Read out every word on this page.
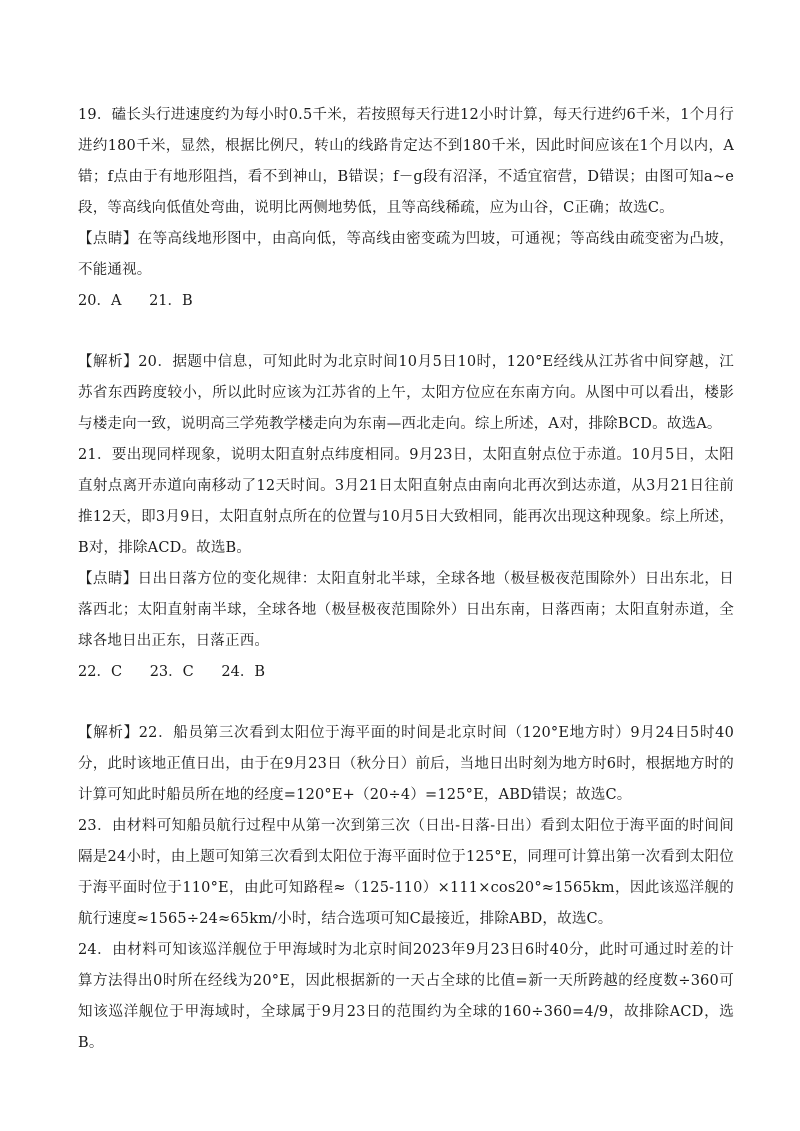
19．磕长头行进速度约为每小时0.5千米，若按照每天行进12小时计算，每天行进约6千米，1个月行进约180千米，显然，根据比例尺，转山的线路肯定达不到180千米，因此时间应该在1个月以内，A错；f点由于有地形阻挡，看不到神山，B错误；f－g段有沼泽，不适宜宿营，D错误；由图可知a~e段，等高线向低值处弯曲，说明比两侧地势低，且等高线稀疏，应为山谷，C正确；故选C。

【点睛】在等高线地形图中，由高向低，等高线由密变疏为凹坡，可通视；等高线由疏变密为凸坡，不能通视。

20．A      21．B

【解析】20．据题中信息，可知此时为北京时间10月5日10时，120°E经线从江苏省中间穿越，江苏省东西跨度较小，所以此时应该为江苏省的上午，太阳方位应在东南方向。从图中可以看出，楼影与楼走向一致，说明高三学苑教学楼走向为东南—西北走向。综上所述，A对，排除BCD。故选A。

21．要出现同样现象，说明太阳直射点纬度相同。9月23日，太阳直射点位于赤道。10月5日，太阳直射点离开赤道向南移动了12天时间。3月21日太阳直射点由南向北再次到达赤道，从3月21日往前推12天，即3月9日，太阳直射点所在的位置与10月5日大致相同，能再次出现这种现象。综上所述，B对，排除ACD。故选B。

【点睛】日出日落方位的变化规律：太阳直射北半球，全球各地（极昼极夜范围除外）日出东北，日落西北；太阳直射南半球，全球各地（极昼极夜范围除外）日出东南，日落西南；太阳直射赤道，全球各地日出正东，日落正西。

22．C      23．C      24．B

【解析】22．船员第三次看到太阳位于海平面的时间是北京时间（120°E地方时）9月24日5时40分，此时该地正值日出，由于在9月23日（秋分日）前后，当地日出时刻为地方时6时，根据地方时的计算可知此时船员所在地的经度=120°E+（20÷4）=125°E，ABD错误；故选C。

23．由材料可知船员航行过程中从第一次到第三次（日出-日落-日出）看到太阳位于海平面的时间间隔是24小时，由上题可知第三次看到太阳位于海平面时位于125°E，同理可计算出第一次看到太阳位于海平面时位于110°E，由此可知路程≈（125-110）×111×cos20°≈1565km，因此该巡洋舰的航行速度≈1565÷24≈65km/小时，结合选项可知C最接近，排除ABD，故选C。

24．由材料可知该巡洋舰位于甲海域时为北京时间2023年9月23日6时40分，此时可通过时差的计算方法得出0时所在经线为20°E，因此根据新的一天占全球的比值=新一天所跨越的经度数÷360可知该巡洋舰位于甲海域时，全球属于9月23日的范围约为全球的160÷360=4/9，故排除ACD，选B。
